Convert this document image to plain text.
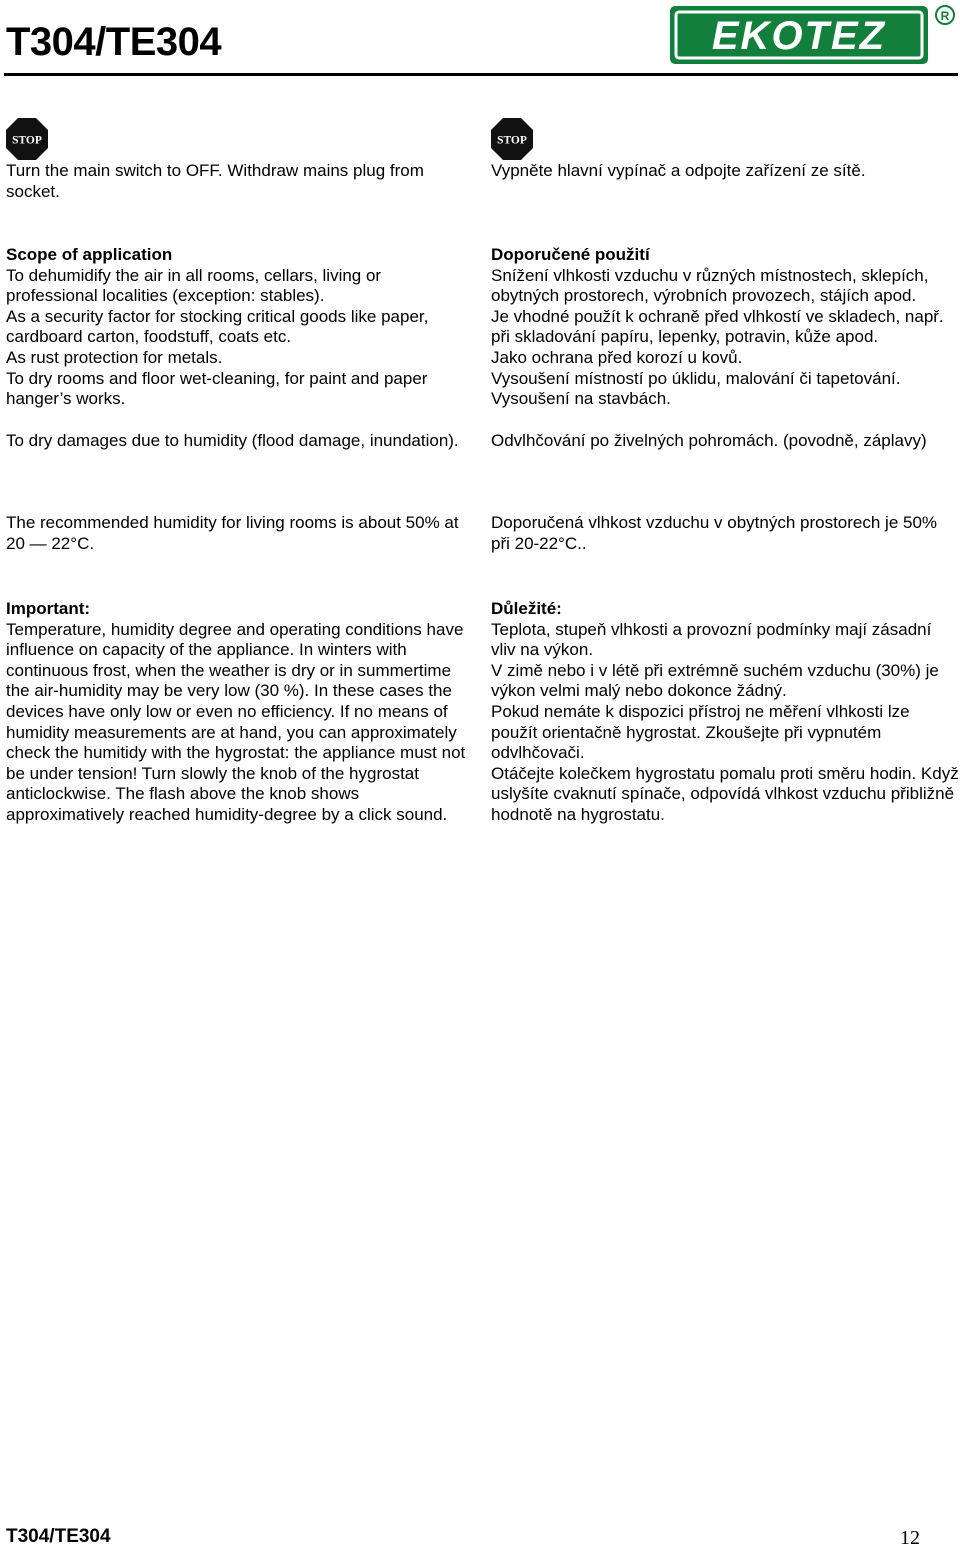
T304/TE304	EKOTEZ	R
STOP	STOP
Turn the main switch to OFF. Withdraw mains plug from socket.
Vypněte hlavní vypínač a odpojte zařízení ze sítě.

Scope of application

To dehumidify the air in all rooms, cellars, living or professional localities (exception: stables).

As a security factor for stocking critical goods like paper, cardboard carton, foodstuff, coats etc.

As rust protection for metals.

To dry rooms and floor wet-cleaning, for paint and paper hanger’s works.

To dry damages due to humidity (flood damage, inundation).

Doporučené použití

Snížení vlhkosti vzduchu v různých místnostech, sklepích, obytných prostorech, výrobních provozech, stájích apod.

Je vhodné použít k ochraně před vlhkostí ve skladech, např. při skladování papíru, lepenky, potravin, kůže apod.

Jako ochrana před korozí u kovů.

Vysoušení místností po úklidu, malování či tapetování.

Vysoušení na stavbách.

Odvlhčování po živelných pohromách. (povodně, záplavy)
The recommended humidity for living rooms is about 50% at 20 — 22°C.
Doporučená vlhkost vzduchu v obytných prostorech je 50% při 20-22°C..

Important:

Temperature, humidity degree and operating conditions have influence on capacity of the appliance. In winters with continuous frost, when the weather is dry or in summertime the air-humidity may be very low (30 %). In these cases the devices have only low or even no efficiency. If no means of humidity measurements are at hand, you can approximately check the humitidy with the hygrostat: the appliance must not be under tension! Turn slowly the knob of the hygrostat anticlockwise. The flash above the knob shows approximatively reached humidity-degree by a click sound.

Důležité:

Teplota, stupeň vlhkosti a provozní podmínky mají zásadní vliv na výkon.

V zimě nebo i v létě při extrémně suchém vzduchu (30%) je výkon velmi malý nebo dokonce žádný.

Pokud nemáte k dispozici přístroj ne měření vlhkosti lze použít orientačně hygrostat. Zkoušejte při vypnutém odvlhčovači.

Otáčejte kolečkem hygrostatu pomalu proti směru hodin. Když uslyšíte cvaknutí spínače, odpovídá vlhkost vzduchu přibližně hodnotě na hygrostatu.

T304/TE304	12
